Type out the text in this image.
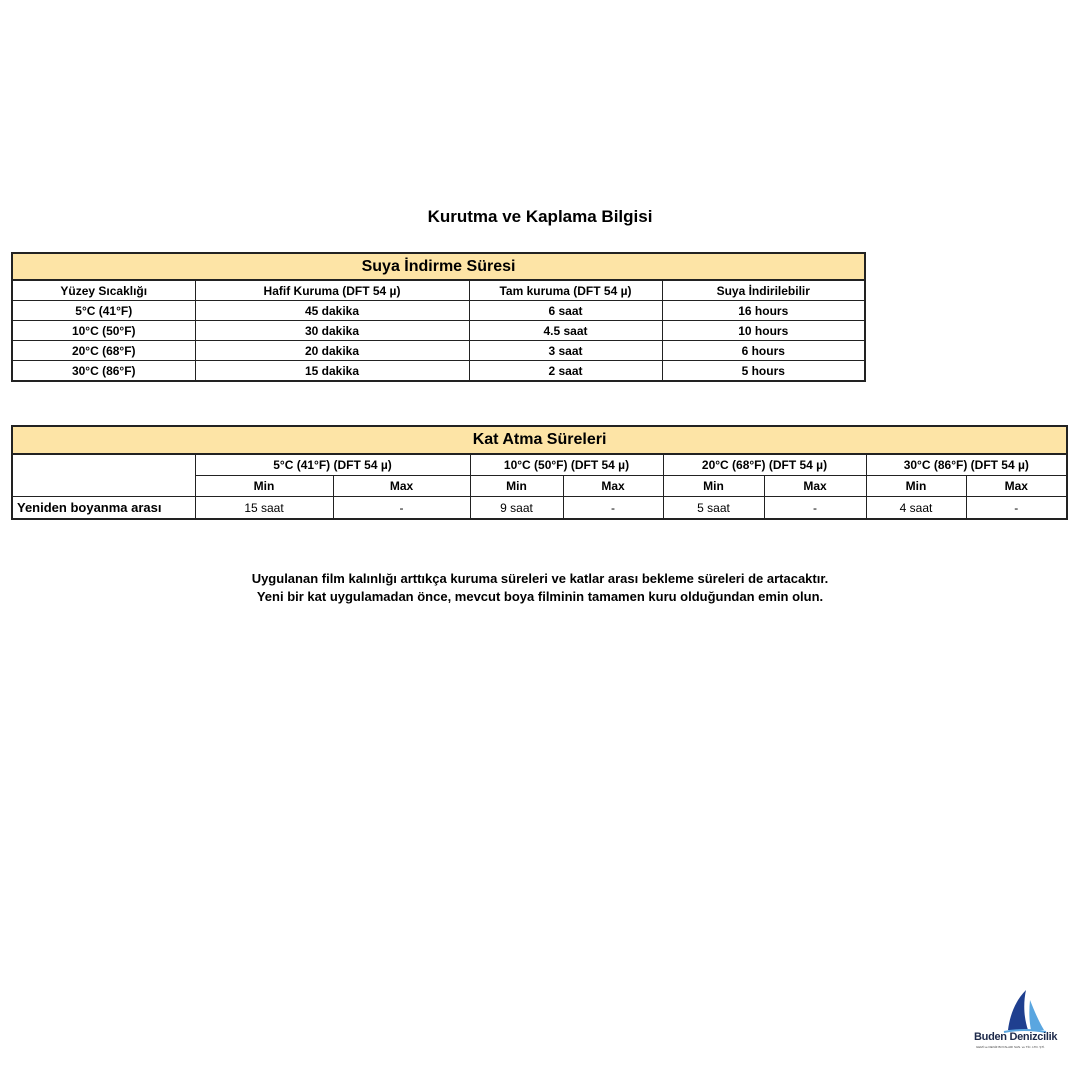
Kurutma ve Kaplama Bilgisi
Suya İndirme Süresi			
Yüzey Sıcaklığı	Hafif Kuruma (DFT 54 µ)	Tam kuruma (DFT 54 µ)	Suya İndirilebilir
5°C (41°F)	45 dakika	6 saat	16 hours
10°C (50°F)	30 dakika	4.5 saat	10 hours
20°C (68°F)	20 dakika	3 saat	6 hours
30°C (86°F)	15 dakika	2 saat	5 hours
Kat Atma Süreleri								
	5°C (41°F) (DFT 54 µ)		10°C (50°F) (DFT 54 µ)		20°C (68°F) (DFT 54 µ)		30°C (86°F) (DFT 54 µ)	
	Min	Max	Min	Max	Min	Max	Min	Max
Yeniden boyanma arası	15 saat	-	9 saat	-	5 saat	-	4 saat	-
Uygulanan film kalınlığı arttıkça kuruma süreleri ve katlar arası bekleme süreleri de artacaktır.
Yeni bir kat uygulamadan önce, mevcut boya filminin tamamen kuru olduğundan emin olun.
Buden Denizcilik
GEMİ ve DENİZ BOYALARI SAN. ve TİC. LTD. ŞTİ.
